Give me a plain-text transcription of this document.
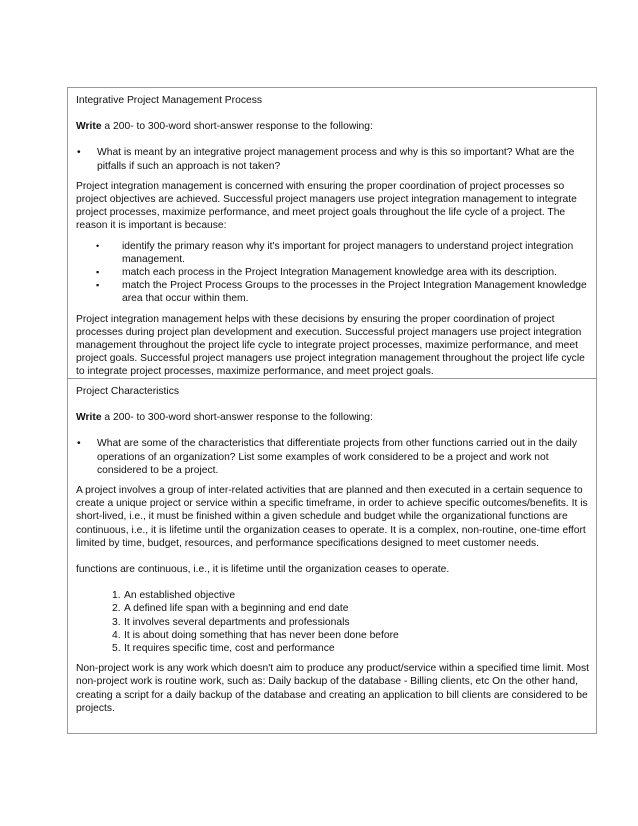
Integrative Project Management Process

Write a 200- to 300-word short-answer response to the following:

•	What is meant by an integrative project management process and why is this so important? What are the pitfalls if such an approach is not taken?

Project integration management is concerned with ensuring the proper coordination of project processes so project objectives are achieved. Successful project managers use project integration management to integrate project processes, maximize performance, and meet project goals throughout the life cycle of a project. The reason it is important is because:

•	identify the primary reason why it's important for project managers to understand project integration management.
▪	match each process in the Project Integration Management knowledge area with its description.
▪	match the Project Process Groups to the processes in the Project Integration Management knowledge area that occur within them.

Project integration management helps with these decisions by ensuring the proper coordination of project processes during project plan development and execution. Successful project managers use project integration management throughout the project life cycle to integrate project processes, maximize performance, and meet project goals. Successful project managers use project integration management throughout the project life cycle to integrate project processes, maximize performance, and meet project goals.

Project Characteristics

Write a 200- to 300-word short-answer response to the following:

•	What are some of the characteristics that differentiate projects from other functions carried out in the daily operations of an organization? List some examples of work considered to be a project and work not considered to be a project.

A project involves a group of inter-related activities that are planned and then executed in a certain sequence to create a unique project or service within a specific timeframe, in order to achieve specific outcomes/benefits. It is short-lived, i.e., it must be finished within a given schedule and budget while the organizational functions are continuous, i.e., it is lifetime until the organization ceases to operate. It is a complex, non-routine, one-time effort limited by time, budget, resources, and performance specifications designed to meet customer needs.

functions are continuous, i.e., it is lifetime until the organization ceases to operate.

1. An established objective
2. A defined life span with a beginning and end date
3. It involves several departments and professionals
4. It is about doing something that has never been done before
5. It requires specific time, cost and performance

Non-project work is any work which doesn't aim to produce any product/service within a specified time limit. Most non-project work is routine work, such as: Daily backup of the database - Billing clients, etc On the other hand, creating a script for a daily backup of the database and creating an application to bill clients are considered to be projects.
